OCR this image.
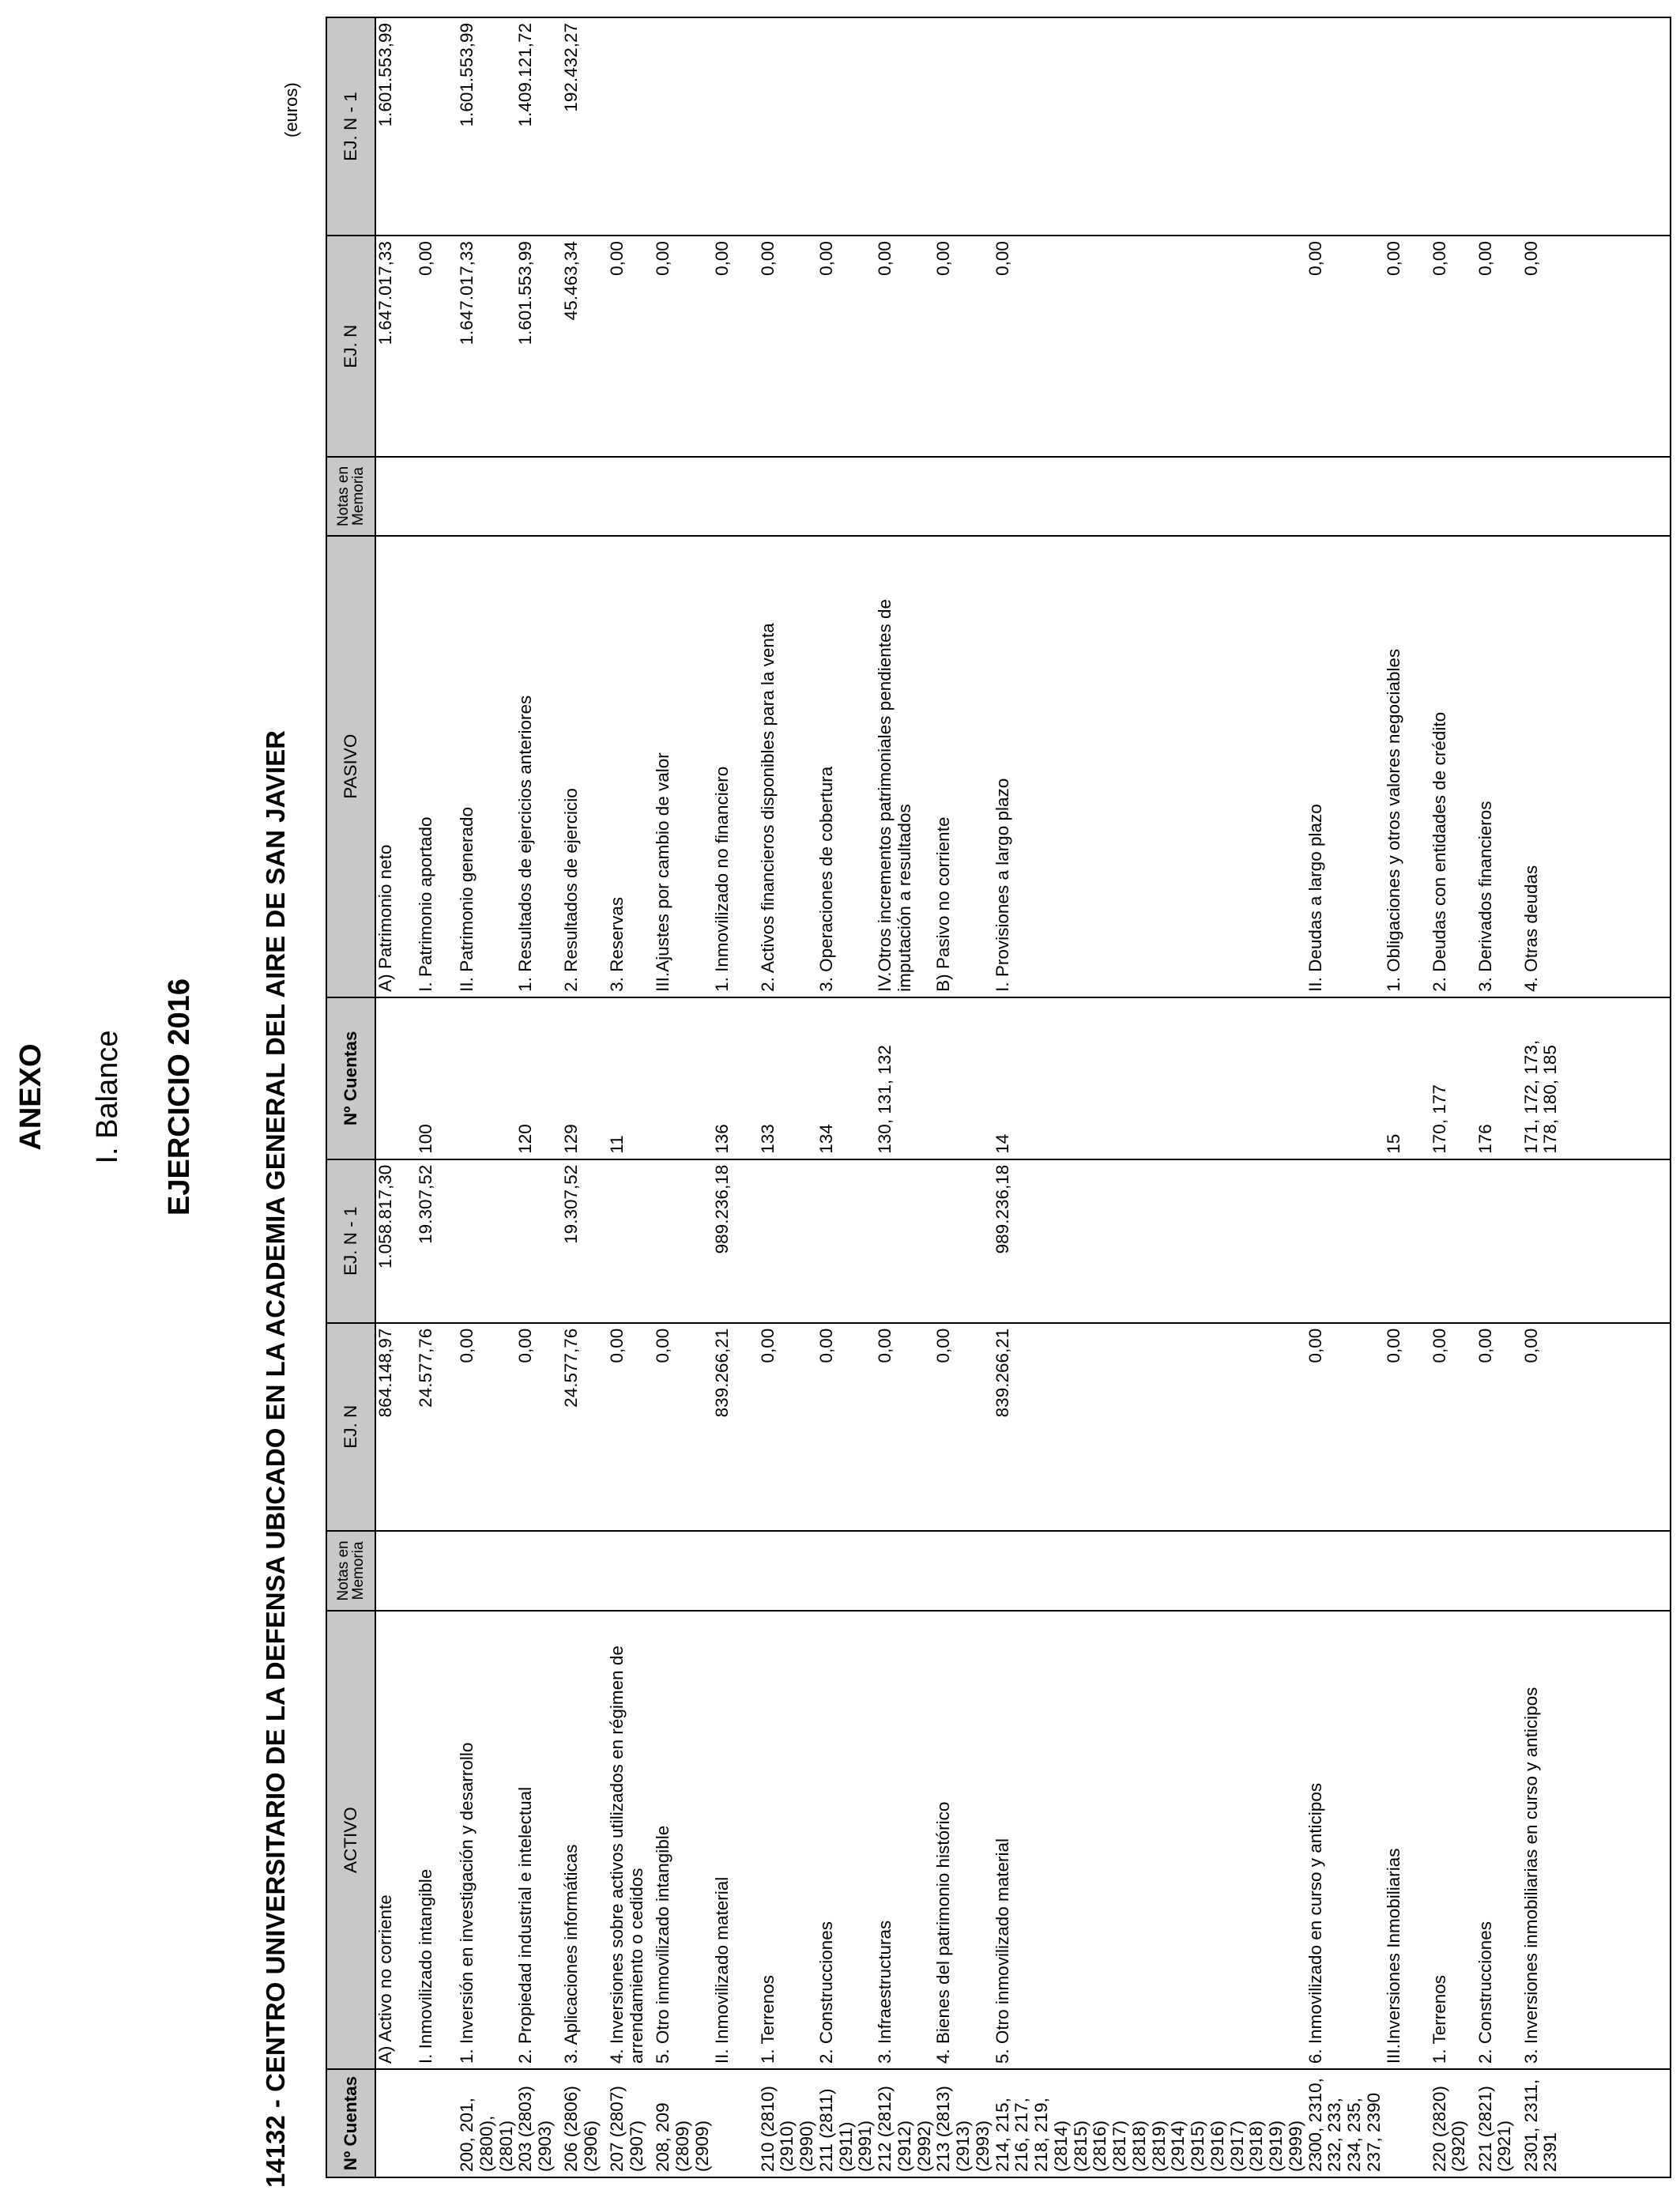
ANEXO I. Balance EJERCICIO 2016 14132 - CENTRO UNIVERSITARIO DE LA DEFENSA UBICADO EN LA ACADEMIA GENERAL DEL AIRE DE SAN JAVIER
(euros)
Nº Cuentas	ACTIVO	Notas en Memoria	EJ. N	EJ. N - 1	Nº Cuentas	PASIVO	Notas en Memoria	EJ. N	EJ. N - 1
	A) Activo no corriente		864.148,97	1.058.817,30		A) Patrimonio neto		1.647.017,33	1.601.553,99
	I. Inmovilizado intangible		24.577,76	19.307,52	100	I. Patrimonio aportado		0,00	
200, 201, (2800), (2801)	1. Inversión en investigación y desarrollo		0,00			II. Patrimonio generado		1.647.017,33	1.601.553,99
203 (2803) (2903)	2. Propiedad industrial e intelectual		0,00		120	1. Resultados de ejercicios anteriores		1.601.553,99	1.409.121,72
206 (2806) (2906)	3. Aplicaciones informáticas		24.577,76	19.307,52	129	2. Resultados de ejercicio		45.463,34	192.432,27
207 (2807) (2907)	4. Inversiones sobre activos utilizados en régimen de arrendamiento o cedidos		0,00		11	3. Reservas		0,00	
208, 209 (2809) (2909)	5. Otro inmovilizado intangible		0,00			III.Ajustes por cambio de valor		0,00	
	II. Inmovilizado material		839.266,21	989.236,18	136	1. Inmovilizado no financiero		0,00	
210 (2810) (2910) (2990)	1. Terrenos		0,00		133	2. Activos financieros disponibles para la venta		0,00	
211 (2811) (2911) (2991)	2. Construcciones		0,00		134	3. Operaciones de cobertura		0,00	
212 (2812) (2912) (2992)	3. Infraestructuras		0,00		130, 131, 132	IV.Otros incrementos patrimoniales pendientes de imputación a resultados		0,00	
213 (2813) (2913) (2993)	4. Bienes del patrimonio histórico		0,00			B) Pasivo no corriente		0,00	
214, 215, 216, 217, 218, 219, (2814) (2815) (2816) (2817) (2818) (2819) (2914) (2915) (2916) (2917) (2918) (2919) (2999)	5. Otro inmovilizado material		839.266,21	989.236,18	14	I. Provisiones a largo plazo		0,00	
2300, 2310, 232, 233, 234, 235, 237, 2390	6. Inmovilizado en curso y anticipos		0,00			II. Deudas a largo plazo		0,00	
	III.Inversiones Inmobiliarias		0,00		15	1. Obligaciones y otros valores negociables		0,00	
220 (2820) (2920)	1. Terrenos		0,00		170, 177	2. Deudas con entidades de crédito		0,00	
221 (2821) (2921)	2. Construcciones		0,00		176	3. Derivados financieros		0,00	
2301, 2311, 2391	3. Inversiones inmobiliarias en curso y anticipos		0,00		171, 172, 173, 178, 180, 185	4. Otras deudas		0,00	
